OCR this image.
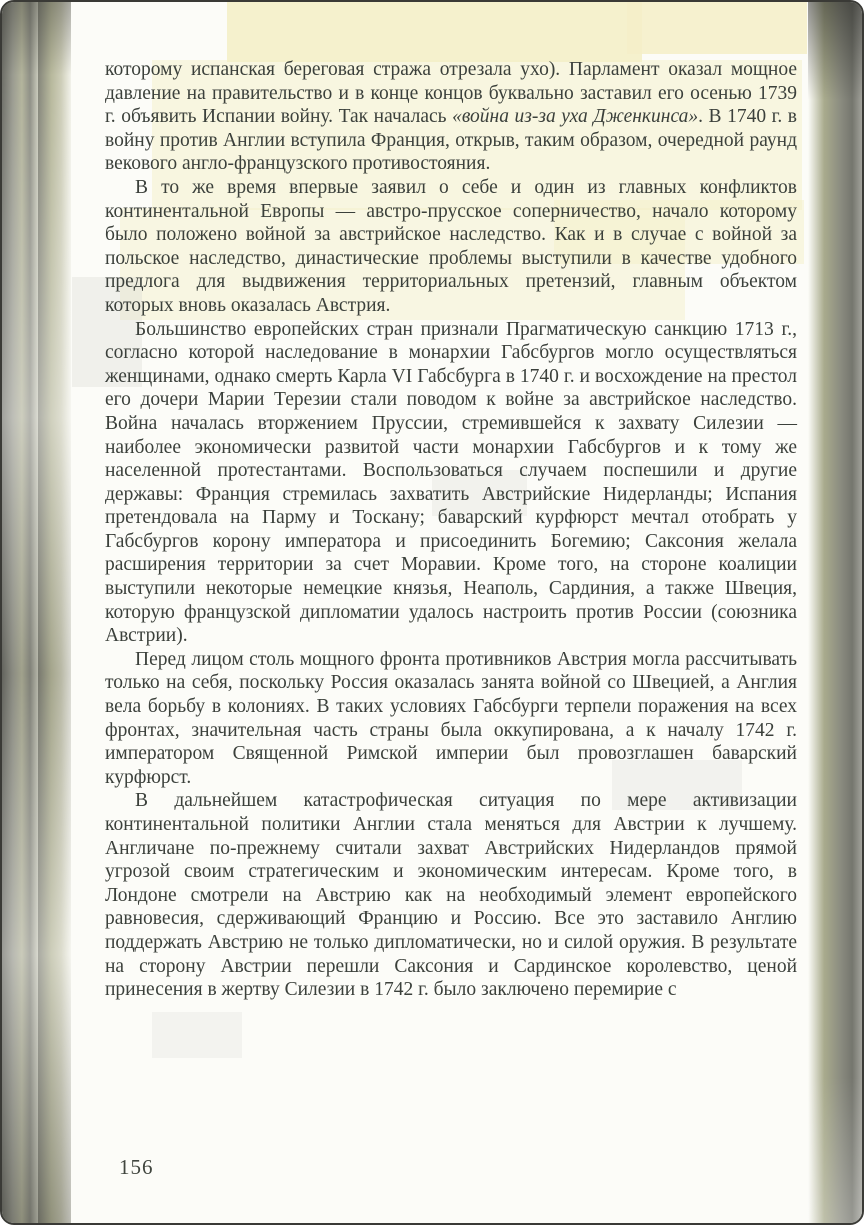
которому испанская береговая стража отрезала ухо). Парламент оказал мощное давление на правительство и в конце концов буквально заставил его осенью 1739 г. объявить Испании войну. Так началась «война из-за уха Дженкинса». В 1740 г. в войну против Англии вступила Франция, открыв, таким образом, очередной раунд векового англо-французского противостояния.

В то же время впервые заявил о себе и один из главных конфликтов континентальной Европы — австро-прусское соперничество, начало которому было положено войной за австрийское наследство. Как и в случае с войной за польское наследство, династические проблемы выступили в качестве удобного предлога для выдвижения территориальных претензий, главным объектом которых вновь оказалась Австрия.

Большинство европейских стран признали Прагматическую санкцию 1713 г., согласно которой наследование в монархии Габсбургов могло осуществляться женщинами, однако смерть Карла VI Габсбурга в 1740 г. и восхождение на престол его дочери Марии Терезии стали поводом к войне за австрийское наследство. Война началась вторжением Пруссии, стремившейся к захвату Силезии — наиболее экономически развитой части монархии Габсбургов и к тому же населенной протестантами. Воспользоваться случаем поспешили и другие державы: Франция стремилась захватить Австрийские Нидерланды; Испания претендовала на Парму и Тоскану; баварский курфюрст мечтал отобрать у Габсбургов корону императора и присоединить Богемию; Саксония желала расширения территории за счет Моравии. Кроме того, на стороне коалиции выступили некоторые немецкие князья, Неаполь, Сардиния, а также Швеция, которую французской дипломатии удалось настроить против России (союзника Австрии).

Перед лицом столь мощного фронта противников Австрия могла рассчитывать только на себя, поскольку Россия оказалась занята войной со Швецией, а Англия вела борьбу в колониях. В таких условиях Габсбурги терпели поражения на всех фронтах, значительная часть страны была оккупирована, а к началу 1742 г. императором Священной Римской империи был провозглашен баварский курфюрст.

В дальнейшем катастрофическая ситуация по мере активизации континентальной политики Англии стала меняться для Австрии к лучшему. Англичане по-прежнему считали захват Австрийских Нидерландов прямой угрозой своим стратегическим и экономическим интересам. Кроме того, в Лондоне смотрели на Австрию как на необходимый элемент европейского равновесия, сдерживающий Францию и Россию. Все это заставило Англию поддержать Австрию не только дипломатически, но и силой оружия. В результате на сторону Австрии перешли Саксония и Сардинское королевство, ценой принесения в жертву Силезии в 1742 г. было заключено перемирие с

156
